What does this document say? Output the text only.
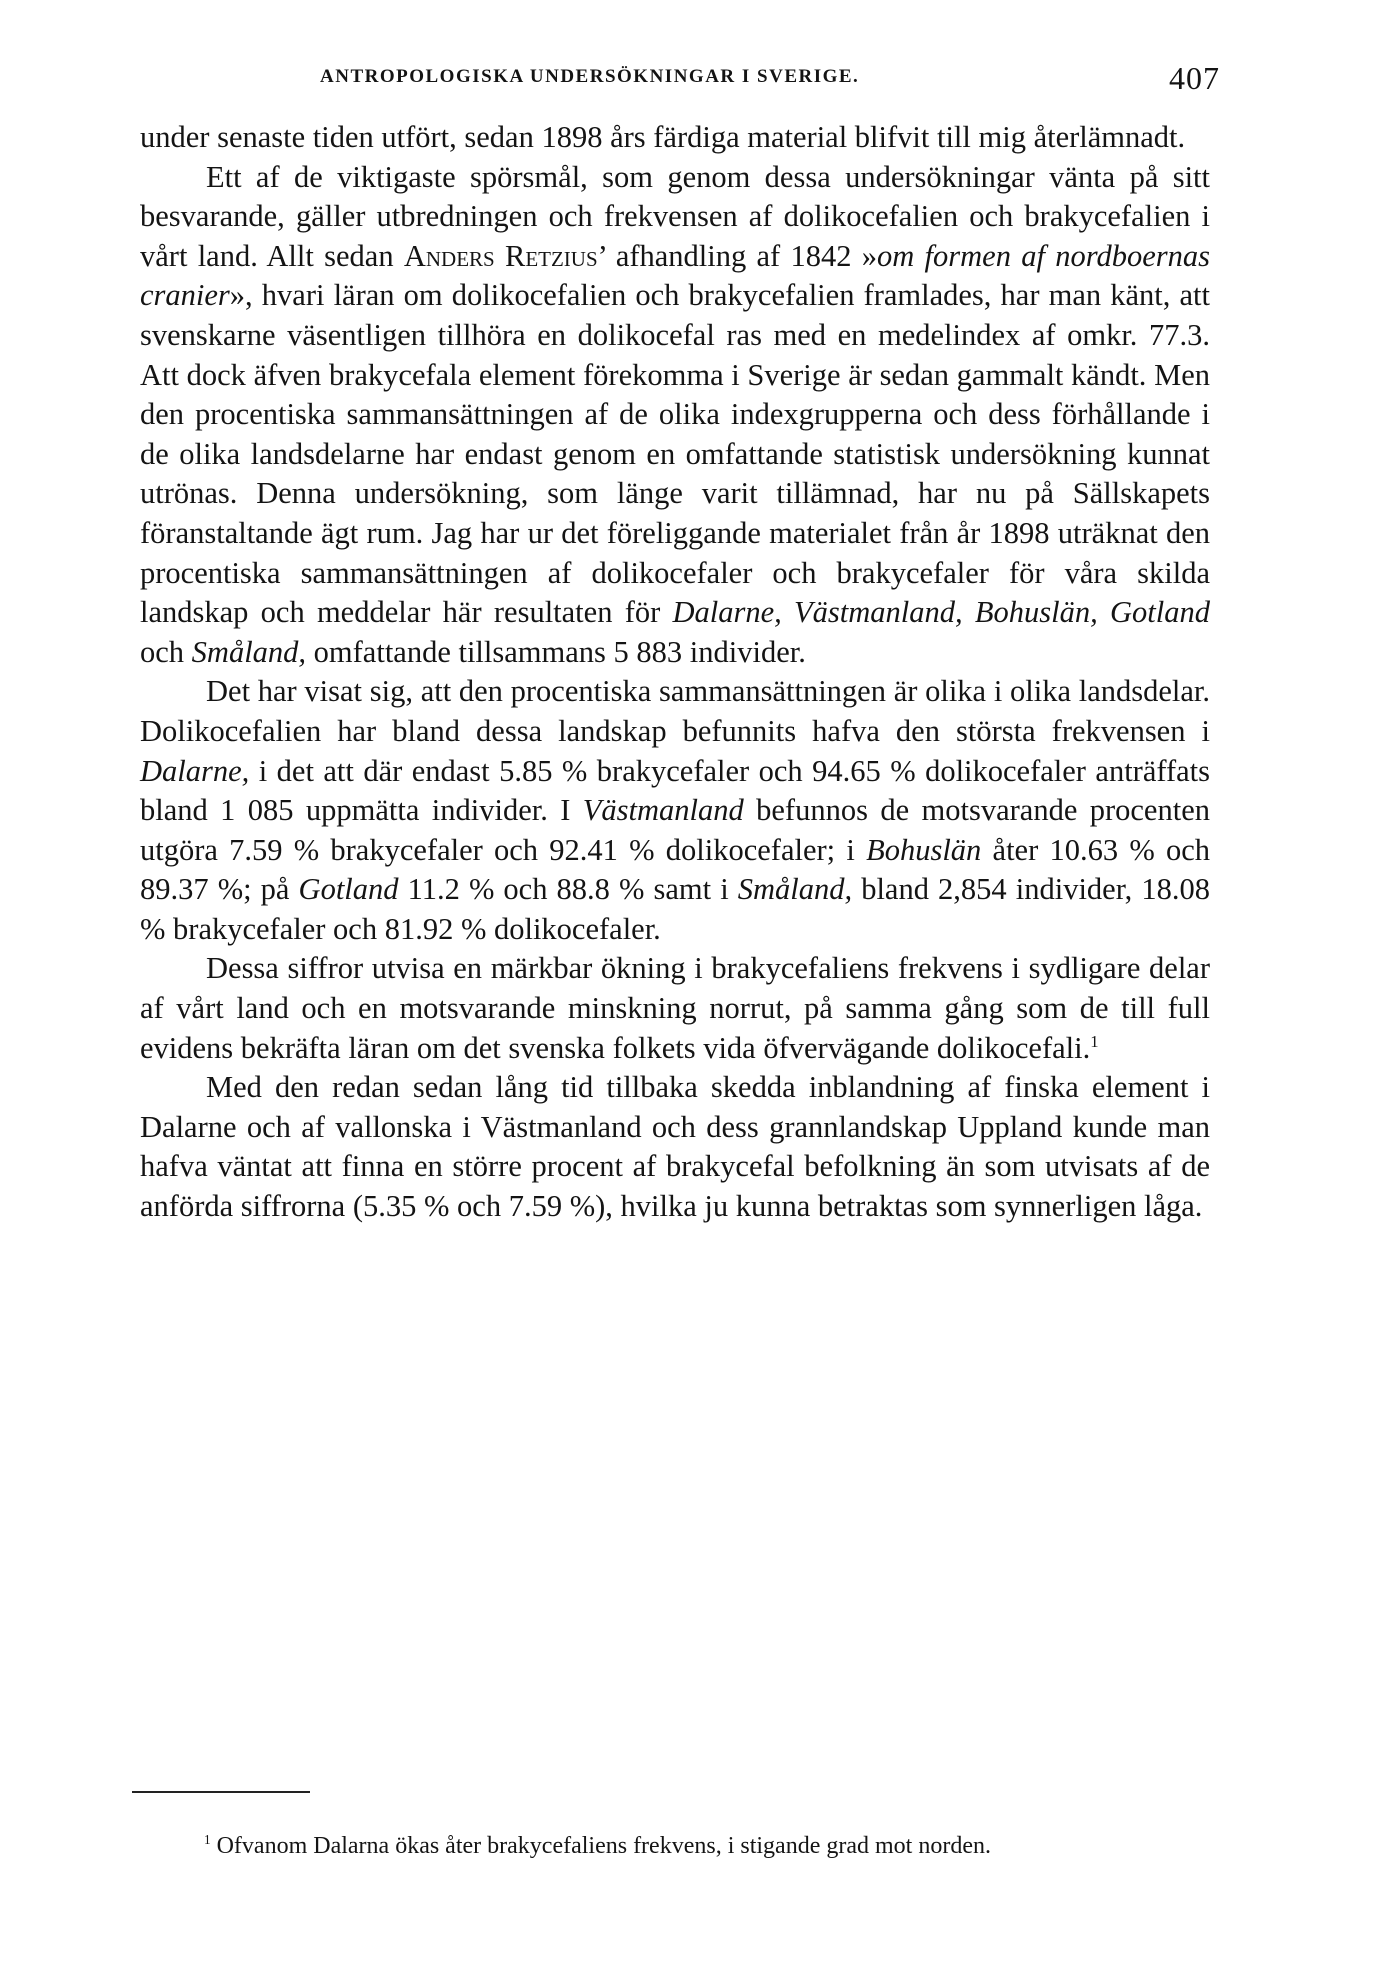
ANTROPOLOGISKA UNDERSÖKNINGAR I SVERIGE.	407

under senaste tiden utfört, sedan 1898 års färdiga material blifvit till mig återlämnadt.

Ett af de viktigaste spörsmål, som genom dessa undersökningar vänta på sitt besvarande, gäller utbredningen och frekvensen af dolikocefalien och brakycefalien i vårt land. Allt sedan Anders Retzius’ afhandling af 1842 »om formen af nordboernas cranier», hvari läran om dolikocefalien och brakycefalien framlades, har man känt, att svenskarne väsentligen tillhöra en dolikocefal ras med en medelindex af omkr. 77.3. Att dock äfven brakycefala element förekomma i Sverige är sedan gammalt kändt. Men den procentiska sammansättningen af de olika indexgrupperna och dess förhållande i de olika landsdelarne har endast genom en omfattande statistisk undersökning kunnat utrönas. Denna undersökning, som länge varit tillämnad, har nu på Sällskapets föranstaltande ägt rum. Jag har ur det föreliggande materialet från år 1898 uträknat den procentiska sammansättningen af dolikocefaler och brakycefaler för våra skilda landskap och meddelar här resultaten för Dalarne, Västmanland, Bohuslän, Gotland och Småland, omfattande tillsammans 5 883 individer.

Det har visat sig, att den procentiska sammansättningen är olika i olika landsdelar. Dolikocefalien har bland dessa landskap befunnits hafva den största frekvensen i Dalarne, i det att där endast 5.85 % brakycefaler och 94.65 % dolikocefaler anträffats bland 1 085 uppmätta individer. I Västmanland befunnos de motsvarande procenten utgöra 7.59 % brakycefaler och 92.41 % dolikocefaler; i Bohuslän åter 10.63 % och 89.37 %; på Gotland 11.2 % och 88.8 % samt i Småland, bland 2,854 individer, 18.08 % brakycefaler och 81.92 % dolikocefaler.

Dessa siffror utvisa en märkbar ökning i brakycefaliens frekvens i sydligare delar af vårt land och en motsvarande minskning norrut, på samma gång som de till full evidens bekräfta läran om det svenska folkets vida öfvervägande dolikocefali.$^1$

Med den redan sedan lång tid tillbaka skedda inblandning af finska element i Dalarne och af vallonska i Västmanland och dess grannlandskap Uppland kunde man hafva väntat att finna en större procent af brakycefal befolkning än som utvisats af de anförda siffrorna (5.35 % och 7.59 %), hvilka ju kunna betraktas som synnerligen låga.

$^1$ Ofvanom Dalarna ökas åter brakycefaliens frekvens, i stigande grad mot norden.
